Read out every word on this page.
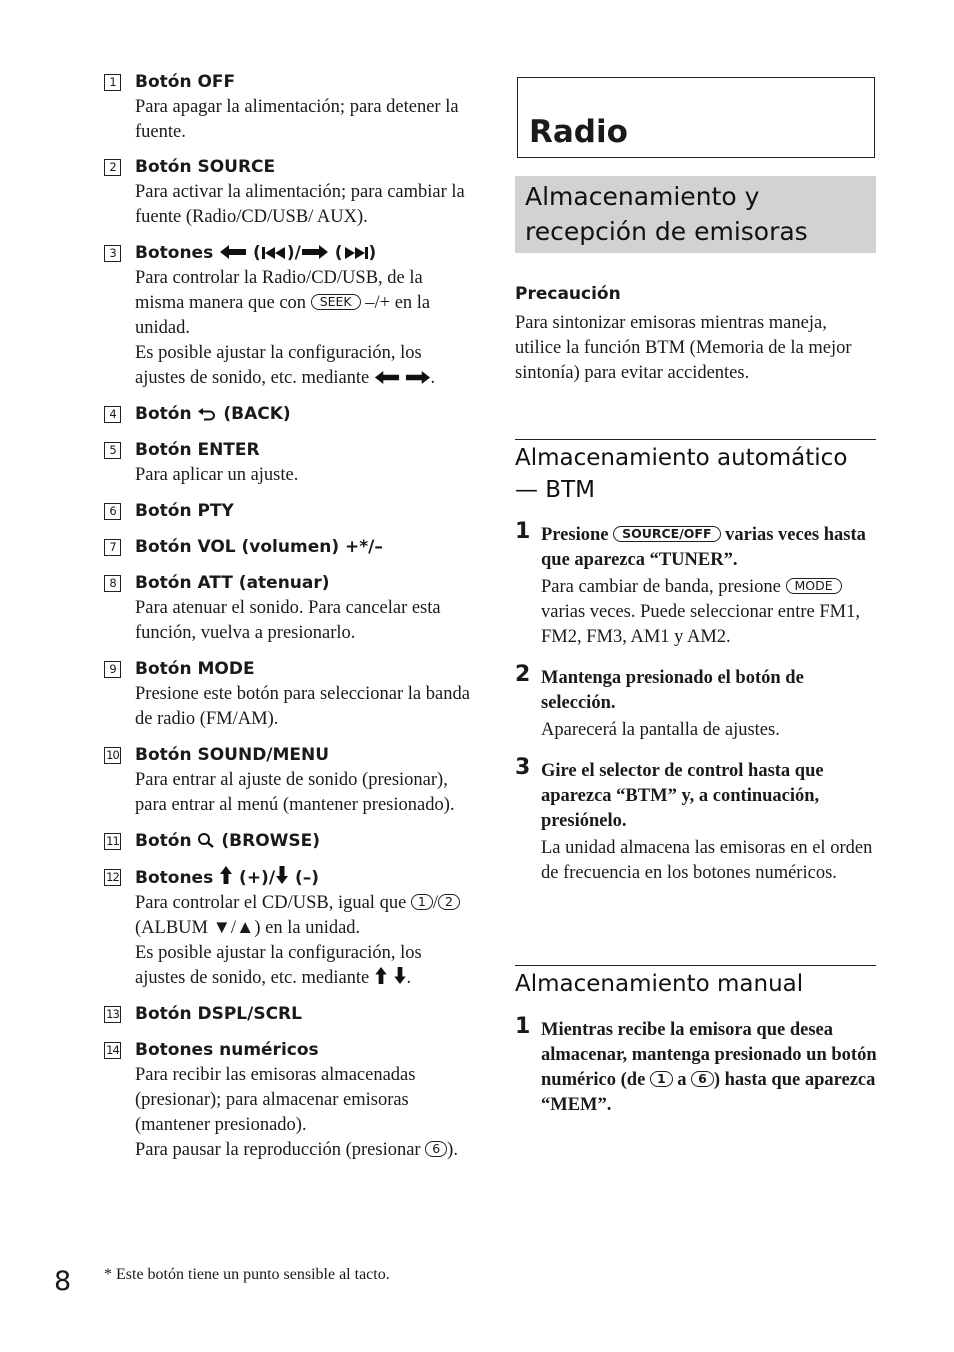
1	Botón OFF
Para apagar la alimentación; para detener la fuente.
2	Botón SOURCE
Para activar la alimentación; para cambiar la fuente (Radio/CD/USB/ AUX).
3	Botones ( )/ ( )
Para controlar la Radio/CD/USB, de la misma manera que con SEEK –/+ en la unidad.

Es posible ajustar la configuración, los ajustes de sonido, etc. mediante	.

4	Botón (BACK)
5	Botón ENTER
Para aplicar un ajuste.
6	Botón PTY
7	Botón VOL (volumen) +*/–
8	Botón ATT (atenuar)
Para atenuar el sonido. Para cancelar esta función, vuelva a presionarlo.
9	Botón MODE
Presione este botón para seleccionar la banda de radio (FM/AM).
10 Botón SOUND/MENU
Para entrar al ajuste de sonido (presionar), para entrar al menú (mantener presionado).
11 Botón (BROWSE)
12 Botones (+)/ (–)
Para controlar el CD/USB, igual que 1 / 2 (ALBUM ▼/▲) en la unidad.

Es posible ajustar la configuración, los ajustes de sonido, etc. mediante .

13 Botón DSPL/SCRL
14 Botones numéricos

Para recibir las emisoras almacenadas (presionar); para almacenar emisoras (mantener presionado).

Para pausar la reproducción (presionar 6 ).

* Este botón tiene un punto sensible al tacto.
8
Radio
Almacenamiento y recepción de emisoras
Precaución
Para sintonizar emisoras mientras maneja, utilice la función BTM (Memoria de la mejor sintonía) para evitar accidentes.
Almacenamiento automático — BTM
1 Presione SOURCE/OFF varias veces hasta que aparezca “TUNER”.
Para cambiar de banda, presione MODE varias veces. Puede seleccionar entre FM1, FM2, FM3, AM1 y AM2.
2 Mantenga presionado el botón de selección.
Aparecerá la pantalla de ajustes.
3 Gire el selector de control hasta que aparezca “BTM” y, a continuación, presiónelo.
La unidad almacena las emisoras en el orden de frecuencia en los botones numéricos.
Almacenamiento manual
1 Mientras recibe la emisora que desea almacenar, mantenga presionado un botón numérico (de 1 a 6 ) hasta que aparezca “MEM”.
